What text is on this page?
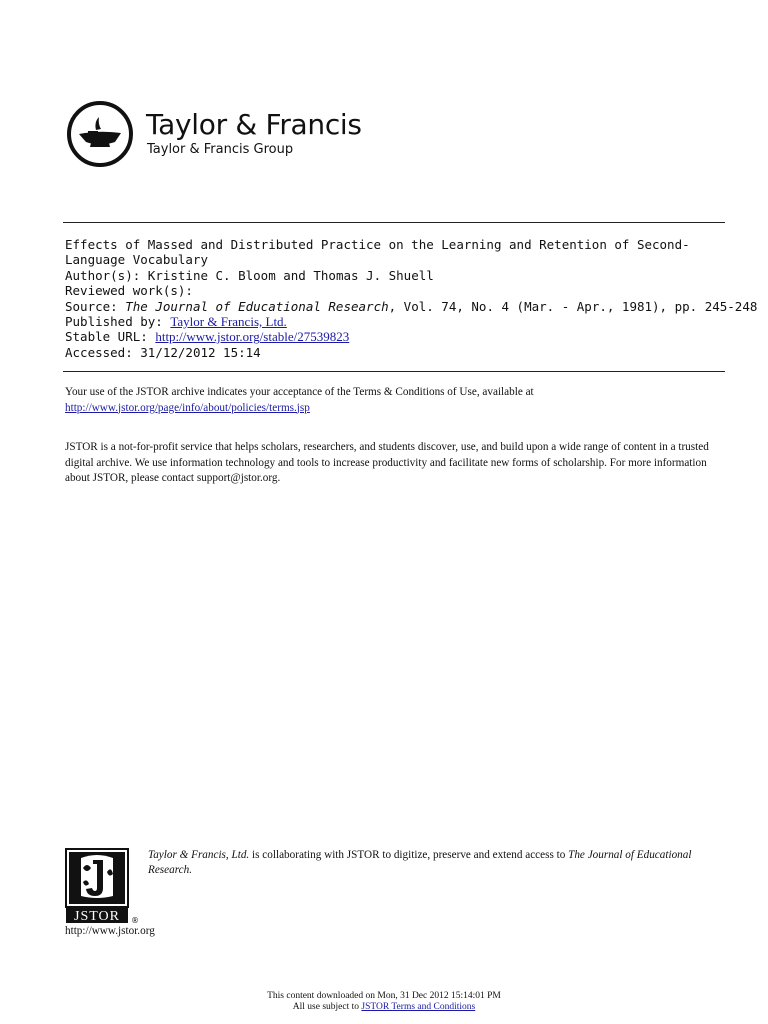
Taylor & Francis
Taylor & Francis Group
Effects of Massed and Distributed Practice on the Learning and Retention of Second-Language Vocabulary
Author(s): Kristine C. Bloom and Thomas J. Shuell
Reviewed work(s):
Source: The Journal of Educational Research, Vol. 74, No. 4 (Mar. - Apr., 1981), pp. 245-248
Published by: Taylor & Francis, Ltd.
Stable URL: http://www.jstor.org/stable/27539823
Accessed: 31/12/2012 15:14
Your use of the JSTOR archive indicates your acceptance of the Terms & Conditions of Use, available at
http://www.jstor.org/page/info/about/policies/terms.jsp
JSTOR is a not-for-profit service that helps scholars, researchers, and students discover, use, and build upon a wide range of content in a trusted digital archive. We use information technology and tools to increase productivity and facilitate new forms of scholarship. For more information about JSTOR, please contact support@jstor.org.
JSTOR ®
Taylor & Francis, Ltd. is collaborating with JSTOR to digitize, preserve and extend access to The Journal of Educational Research.
http://www.jstor.org
This content downloaded on Mon, 31 Dec 2012 15:14:01 PM
All use subject to JSTOR Terms and Conditions
